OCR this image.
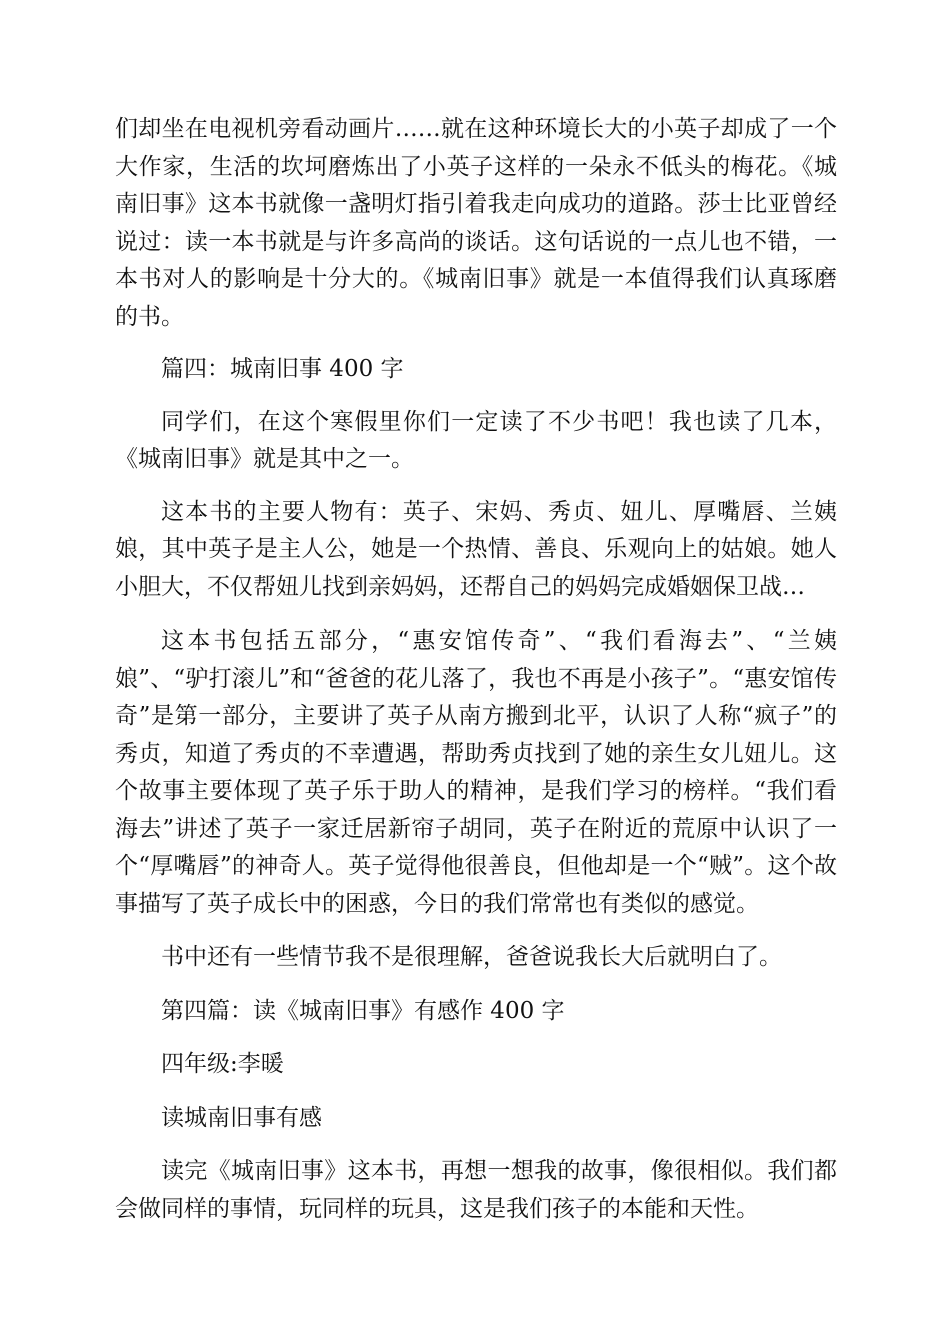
们却坐在电视机旁看动画片……就在这种环境长大的小英子却成了一个大作家，生活的坎坷磨炼出了小英子这样的一朵永不低头的梅花。《城南旧事》这本书就像一盏明灯指引着我走向成功的道路。莎士比亚曾经说过：读一本书就是与许多高尚的谈话。这句话说的一点儿也不错，一本书对人的影响是十分大的。《城南旧事》就是一本值得我们认真琢磨的书。

篇四：城南旧事 400 字

同学们，在这个寒假里你们一定读了不少书吧！我也读了几本，《城南旧事》就是其中之一。

这本书的主要人物有：英子、宋妈、秀贞、妞儿、厚嘴唇、兰姨娘，其中英子是主人公，她是一个热情、善良、乐观向上的姑娘。她人小胆大，不仅帮妞儿找到亲妈妈，还帮自己的妈妈完成婚姻保卫战…

这本书包括五部分，“惠安馆传奇”、“我们看海去”、“兰姨娘”、“驴打滚儿”和“爸爸的花儿落了，我也不再是小孩子”。“惠安馆传奇”是第一部分，主要讲了英子从南方搬到北平，认识了人称“疯子”的秀贞，知道了秀贞的不幸遭遇，帮助秀贞找到了她的亲生女儿妞儿。这个故事主要体现了英子乐于助人的精神，是我们学习的榜样。“我们看海去”讲述了英子一家迁居新帘子胡同，英子在附近的荒原中认识了一个“厚嘴唇”的神奇人。英子觉得他很善良，但他却是一个“贼”。这个故事描写了英子成长中的困惑，今日的我们常常也有类似的感觉。

书中还有一些情节我不是很理解，爸爸说我长大后就明白了。

第四篇：读《城南旧事》有感作 400 字

四年级:李暖

读城南旧事有感

读完《城南旧事》这本书，再想一想我的故事，像很相似。我们都会做同样的事情，玩同样的玩具，这是我们孩子的本能和天性。
